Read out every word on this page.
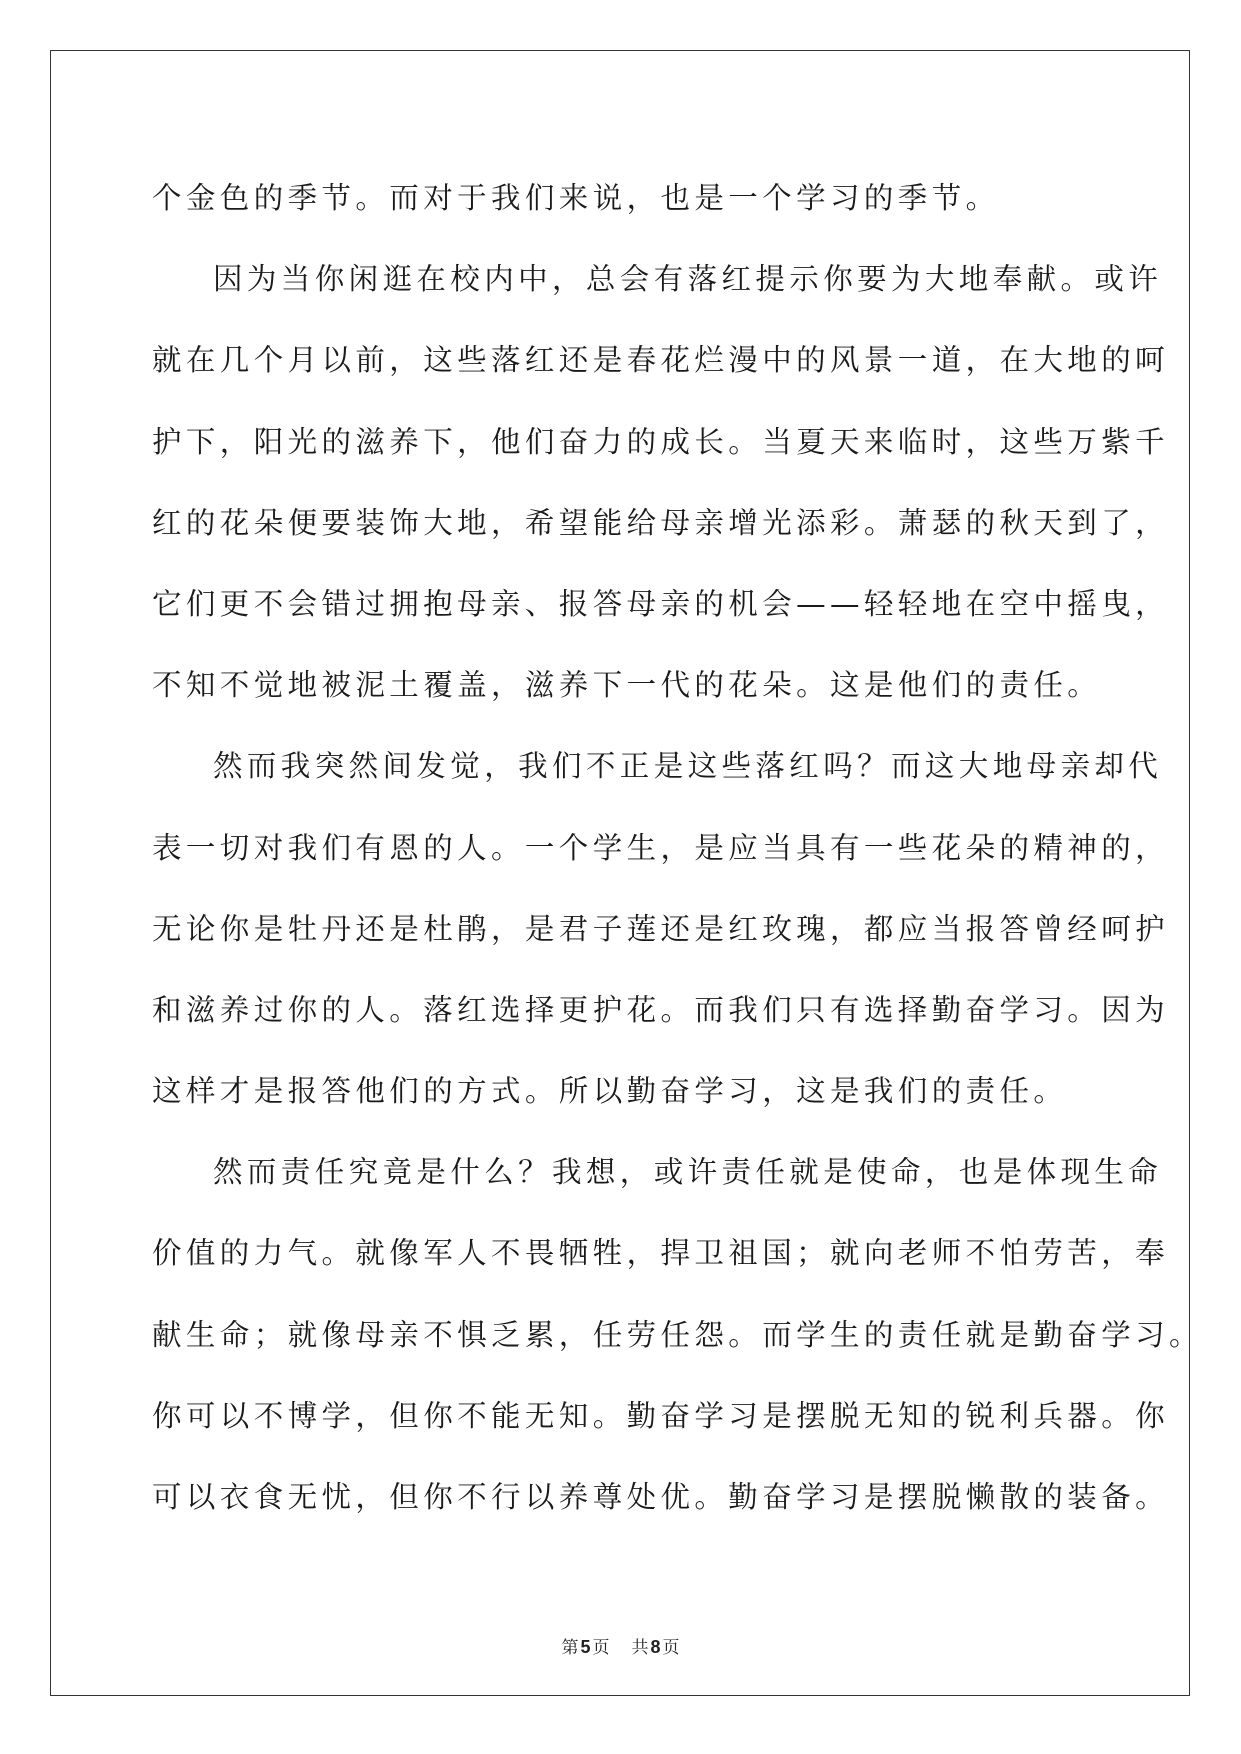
个金色的季节。而对于我们来说，也是一个学习的季节。

因为当你闲逛在校内中，总会有落红提示你要为大地奉献。或许

就在几个月以前，这些落红还是春花烂漫中的风景一道，在大地的呵

护下，阳光的滋养下，他们奋力的成长。当夏天来临时，这些万紫千

红的花朵便要装饰大地，希望能给母亲增光添彩。萧瑟的秋天到了，

它们更不会错过拥抱母亲、报答母亲的机会——轻轻地在空中摇曳，

不知不觉地被泥土覆盖，滋养下一代的花朵。这是他们的责任。

然而我突然间发觉，我们不正是这些落红吗？而这大地母亲却代

表一切对我们有恩的人。一个学生，是应当具有一些花朵的精神的，

无论你是牡丹还是杜鹃，是君子莲还是红玫瑰，都应当报答曾经呵护

和滋养过你的人。落红选择更护花。而我们只有选择勤奋学习。因为

这样才是报答他们的方式。所以勤奋学习，这是我们的责任。

然而责任究竟是什么？我想，或许责任就是使命，也是体现生命

价值的力气。就像军人不畏牺牲，捍卫祖国；就向老师不怕劳苦，奉

献生命；就像母亲不惧乏累，任劳任怨。而学生的责任就是勤奋学习。

你可以不博学，但你不能无知。勤奋学习是摆脱无知的锐利兵器。你

可以衣食无忧，但你不行以养尊处优。勤奋学习是摆脱懒散的装备。

第 5 页 共 8 页
